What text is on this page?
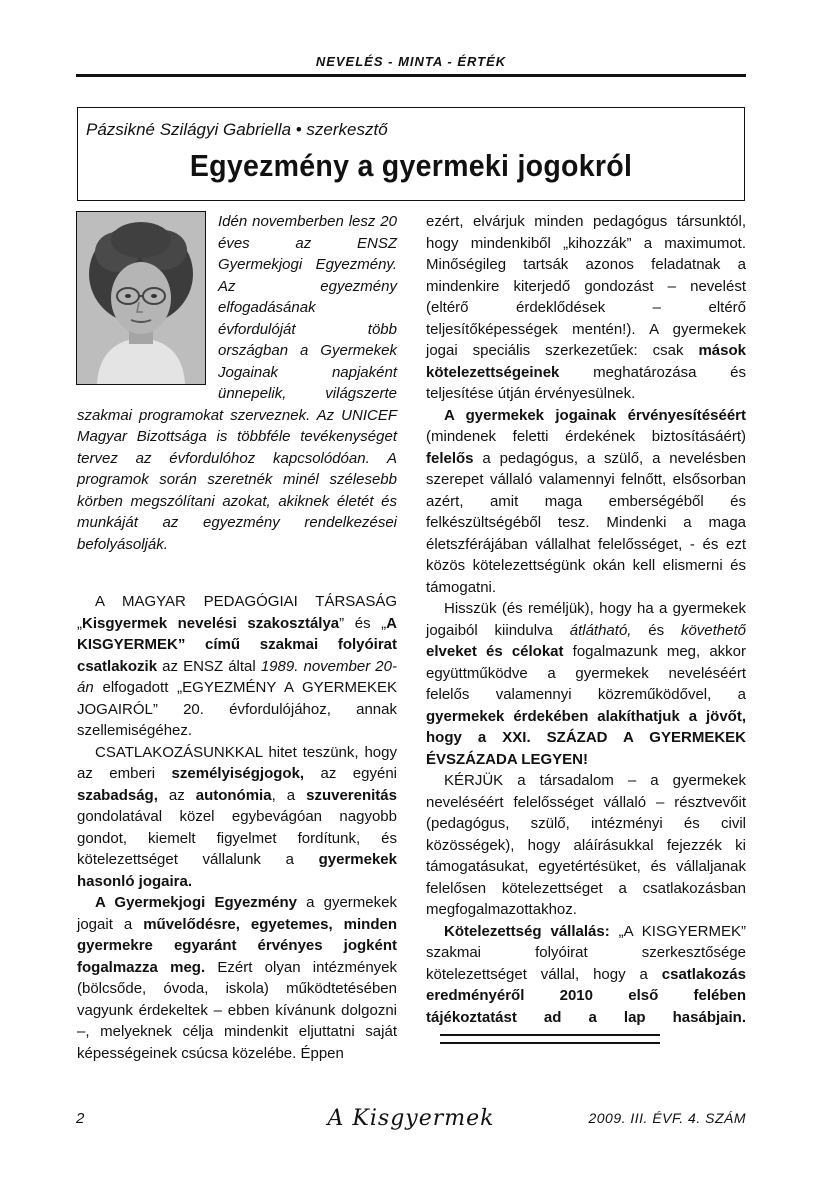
NEVELÉS - MINTA - ÉRTÉK
Pázsikné Szilágyi Gabriella • szerkesztő
Egyezmény a gyermeki jogokról

Idén novemberben lesz 20 éves az ENSZ Gyermekjogi Egyezmény. Az egyezmény elfogadásának évfordulóját több országban a Gyermekek Jogainak napjaként ünnepelik, világszerte szakmai programokat szerveznek. Az UNICEF Magyar Bizottsága is többféle tevékenységet tervez az évfordulóhoz kapcsolódóan. A programok során szeretnék minél szélesebb körben megszólítani azokat, akiknek életét és munkáját az egyezmény rendelkezései befolyásolják.

A MAGYAR PEDAGÓGIAI TÁRSASÁG „Kisgyermek nevelési szakosztálya” és „A KISGYERMEK” című szakmai folyóirat csatlakozik az ENSZ által 1989. november 20-án elfogadott „EGYEZMÉNY A GYERMEKEK JOGAIRÓL” 20. évfordulójához, annak szellemiségéhez.

CSATLAKOZÁSUNKKAL hitet teszünk, hogy az emberi személyiségjogok, az egyéni szabadság, az autonómia, a szuverenitás gondolatával közel egybevágóan nagyobb gondot, kiemelt figyelmet fordítunk, és kötelezettséget vállalunk a gyermekek hasonló jogaira.

A Gyermekjogi Egyezmény a gyermekek jogait a művelődésre, egyetemes, minden gyermekre egyaránt érvényes jogként fogalmazza meg. Ezért olyan intézmények (bölcsőde, óvoda, iskola) működtetésében vagyunk érdekeltek – ebben kívánunk dolgozni –, melyeknek célja mindenkit eljuttatni saját képességeinek csúcsa közelébe. Éppen

ezért, elvárjuk minden pedagógus társunktól, hogy mindenkiből „kihozzák” a maximumot. Minőségileg tartsák azonos feladatnak a mindenkire kiterjedő gondozást – nevelést (eltérő érdeklődések – eltérő teljesítőképességek mentén!). A gyermekek jogai speciális szerkezetűek: csak mások kötelezettségeinek meghatározása és teljesítése útján érvényesülnek.

A gyermekek jogainak érvényesítéséért (mindenek feletti érdekének biztosításáért) felelős a pedagógus, a szülő, a nevelésben szerepet vállaló valamennyi felnőtt, elsősorban azért, amit maga emberségéből és felkészültségéből tesz. Mindenki a maga életszférájában vállalhat felelősséget, - és ezt közös kötelezettségünk okán kell elismerni és támogatni.

Hisszük (és reméljük), hogy ha a gyermekek jogaiból kiindulva átlátható, és követhető elveket és célokat fogalmazunk meg, akkor együttműködve a gyermekek neveléséért felelős valamennyi közreműködővel, a gyermekek érdekében alakíthatjuk a jövőt, hogy a XXI. SZÁZAD A GYERMEKEK ÉVSZÁZADA LEGYEN!

KÉRJÜK a társadalom – a gyermekek neveléséért felelősséget vállaló – résztvevőit (pedagógus, szülő, intézményi és civil közösségek), hogy aláírásukkal fejezzék ki támogatásukat, egyetértésüket, és vállaljanak felelősen kötelezettséget a csatlakozásban megfogalmazottakhoz.

Kötelezettség vállalás: „A KISGYERMEK” szakmai folyóirat szerkesztősége kötelezettséget vállal, hogy a csatlakozás eredményéről 2010 első felében tájékoztatást ad a lap hasábjain.

2	A Kisgyermek	2009. III. ÉVF. 4. SZÁM
